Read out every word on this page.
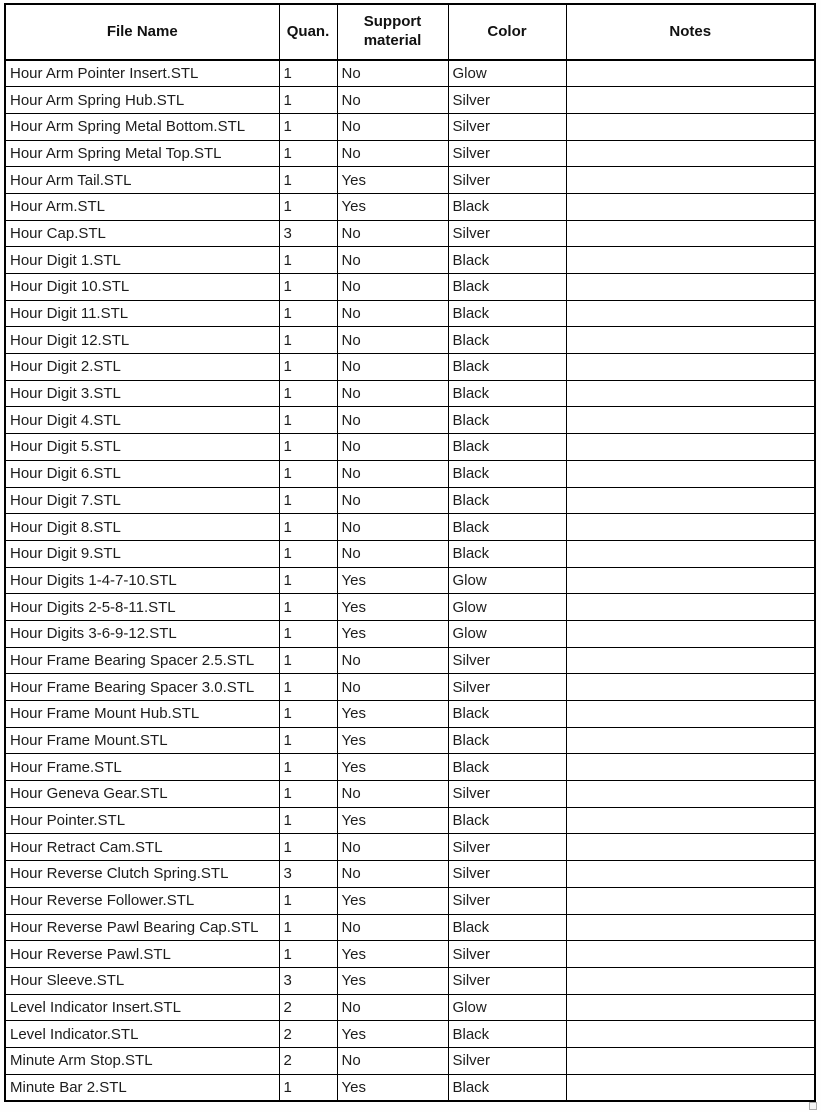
File Name	Quan.	Support material	Color	Notes
Hour Arm Pointer Insert.STL	1	No	Glow	
Hour Arm Spring Hub.STL	1	No	Silver	
Hour Arm Spring Metal Bottom.STL	1	No	Silver	
Hour Arm Spring Metal Top.STL	1	No	Silver	
Hour Arm Tail.STL	1	Yes	Silver	
Hour Arm.STL	1	Yes	Black	
Hour Cap.STL	3	No	Silver	
Hour Digit 1.STL	1	No	Black	
Hour Digit 10.STL	1	No	Black	
Hour Digit 11.STL	1	No	Black	
Hour Digit 12.STL	1	No	Black	
Hour Digit 2.STL	1	No	Black	
Hour Digit 3.STL	1	No	Black	
Hour Digit 4.STL	1	No	Black	
Hour Digit 5.STL	1	No	Black	
Hour Digit 6.STL	1	No	Black	
Hour Digit 7.STL	1	No	Black	
Hour Digit 8.STL	1	No	Black	
Hour Digit 9.STL	1	No	Black	
Hour Digits 1-4-7-10.STL	1	Yes	Glow	
Hour Digits 2-5-8-11.STL	1	Yes	Glow	
Hour Digits 3-6-9-12.STL	1	Yes	Glow	
Hour Frame Bearing Spacer 2.5.STL	1	No	Silver	
Hour Frame Bearing Spacer 3.0.STL	1	No	Silver	
Hour Frame Mount Hub.STL	1	Yes	Black	
Hour Frame Mount.STL	1	Yes	Black	
Hour Frame.STL	1	Yes	Black	
Hour Geneva Gear.STL	1	No	Silver	
Hour Pointer.STL	1	Yes	Black	
Hour Retract Cam.STL	1	No	Silver	
Hour Reverse Clutch Spring.STL	3	No	Silver	
Hour Reverse Follower.STL	1	Yes	Silver	
Hour Reverse Pawl Bearing Cap.STL	1	No	Black	
Hour Reverse Pawl.STL	1	Yes	Silver	
Hour Sleeve.STL	3	Yes	Silver	
Level Indicator Insert.STL	2	No	Glow	
Level Indicator.STL	2	Yes	Black	
Minute Arm Stop.STL	2	No	Silver	
Minute Bar 2.STL	1	Yes	Black	
